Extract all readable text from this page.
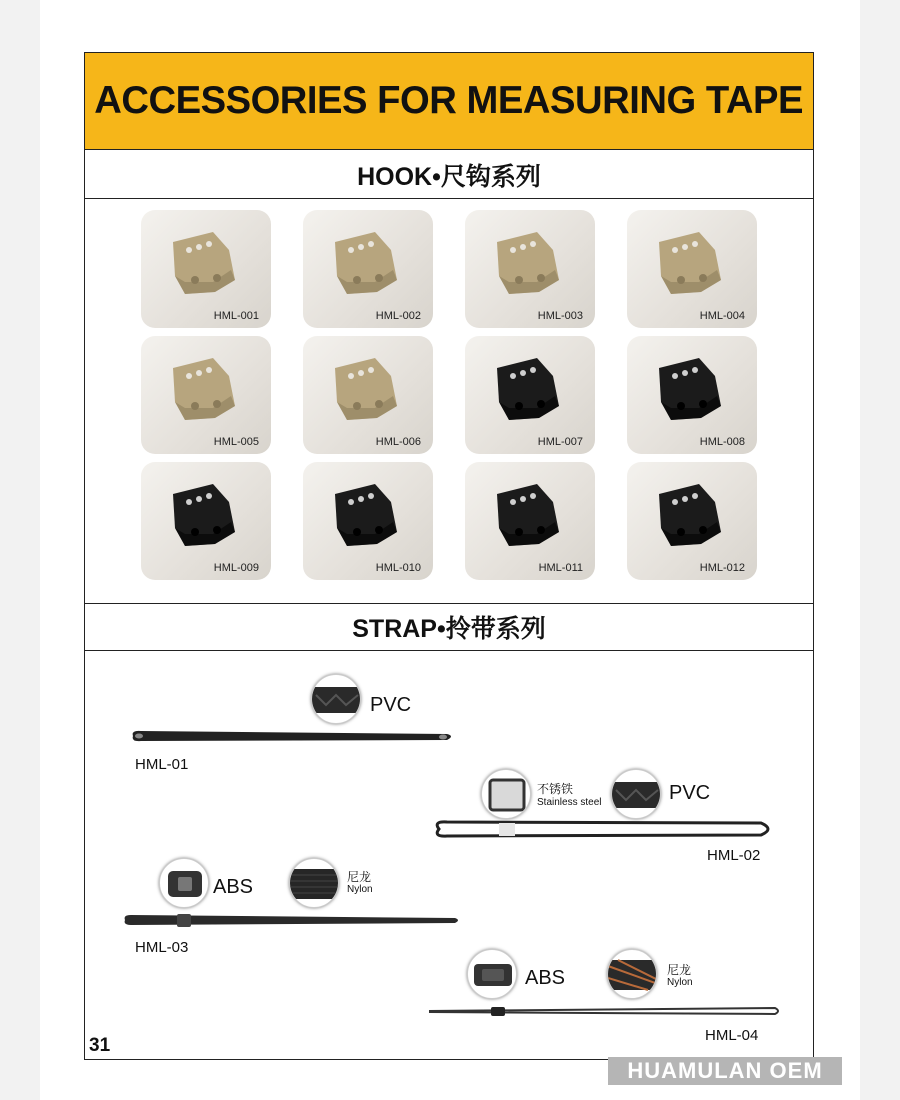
ACCESSORIES FOR MEASURING TAPE
HOOK•尺钩系列
HML-001	HML-002	HML-003	HML-004
HML-005	HML-006	HML-007	HML-008
HML-009	HML-010	HML-011	HML-012
STRAP•拎带系列
PVC
HML-01
不锈铁
Stainless steel	PVC
HML-02
ABS	尼龙
Nylon
HML-03
ABS	尼龙
Nylon
HML-04
31
HUAMULAN OEM
